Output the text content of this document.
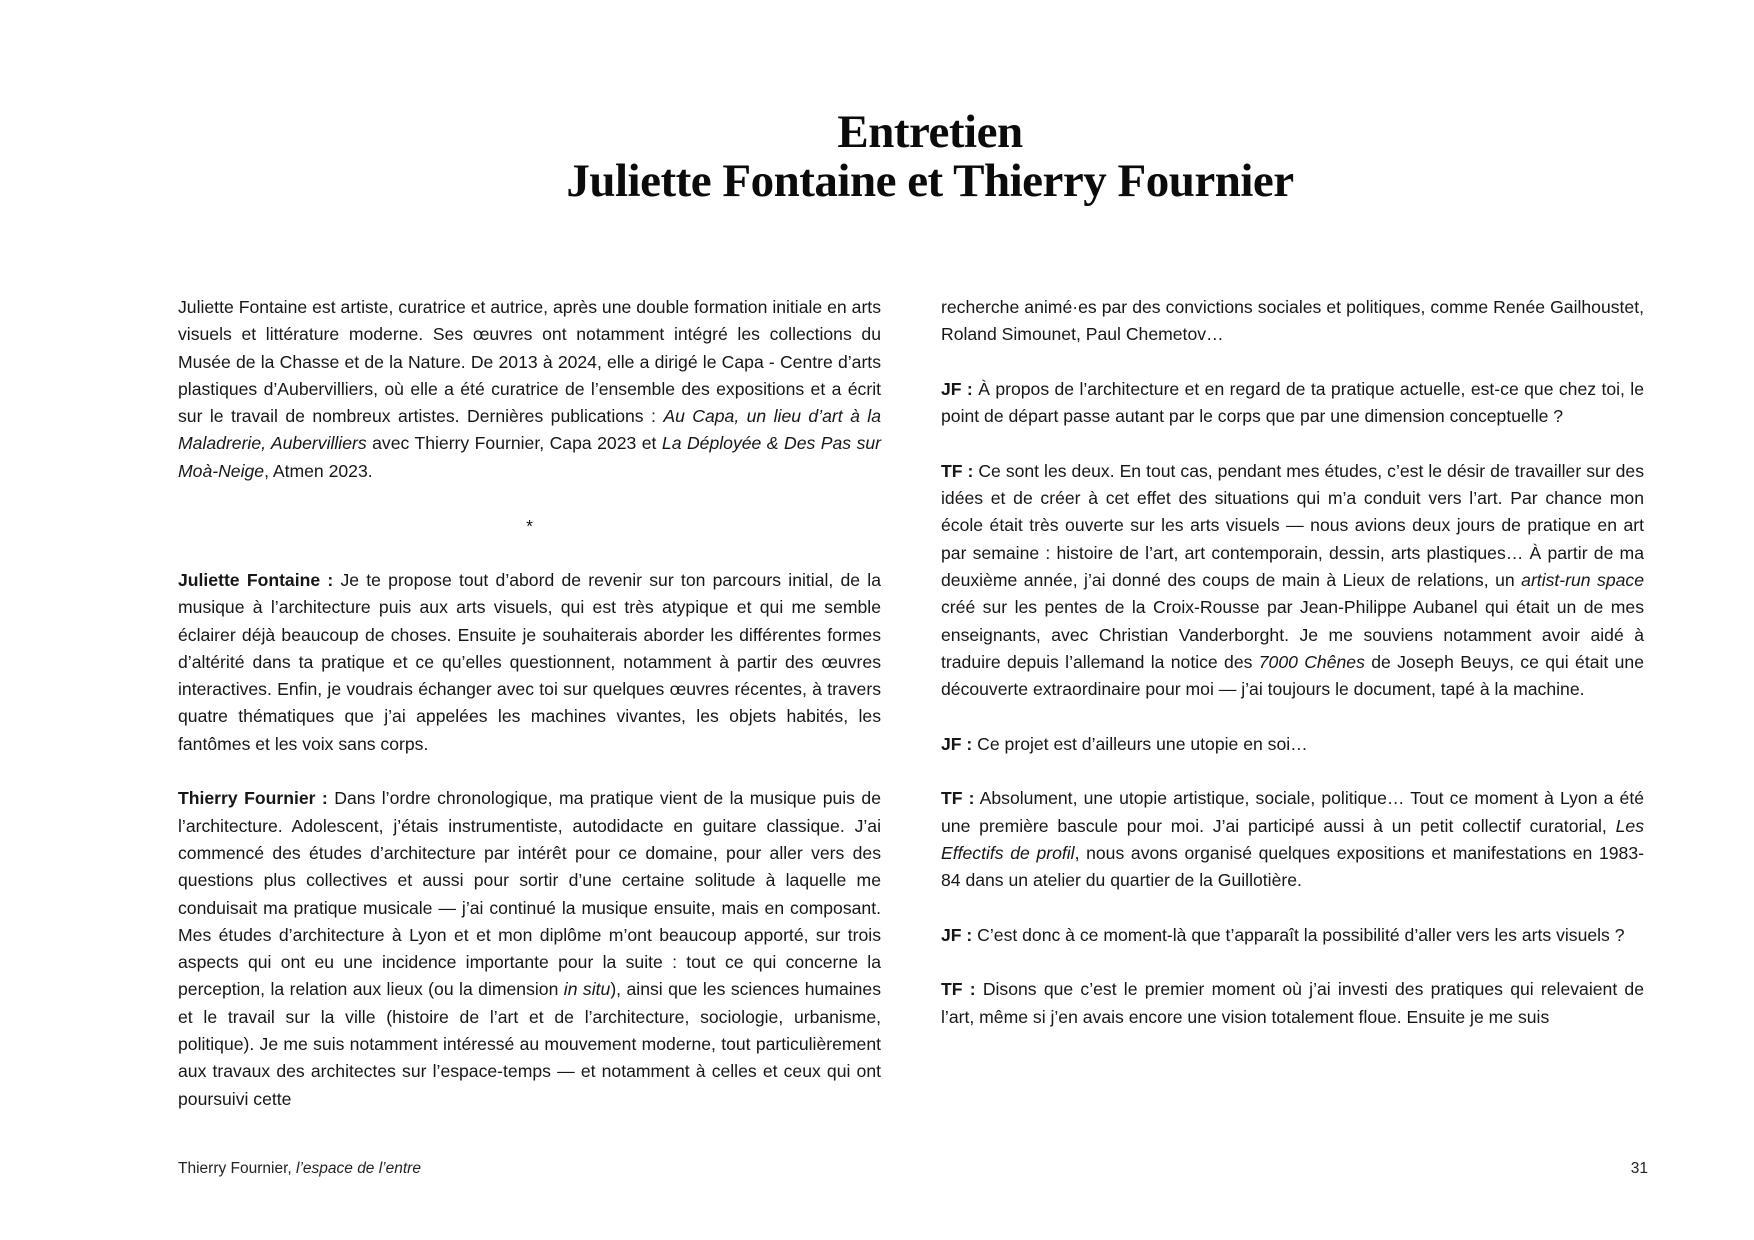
Entretien
Juliette Fontaine et Thierry Fournier

Juliette Fontaine est artiste, curatrice et autrice, après une double formation initiale en arts visuels et littérature moderne. Ses œuvres ont notamment intégré les collections du Musée de la Chasse et de la Nature. De 2013 à 2024, elle a dirigé le Capa - Centre d’arts plastiques d’Aubervilliers, où elle a été curatrice de l’ensemble des expositions et a écrit sur le travail de nombreux artistes. Dernières publications : Au Capa, un lieu d’art à la Maladrerie, Aubervilliers avec Thierry Fournier, Capa 2023 et La Déployée & Des Pas sur Moà-Neige, Atmen 2023.

*

Juliette Fontaine : Je te propose tout d’abord de revenir sur ton parcours initial, de la musique à l’architecture puis aux arts visuels, qui est très atypique et qui me semble éclairer déjà beaucoup de choses. Ensuite je souhaiterais aborder les différentes formes d’altérité dans ta pratique et ce qu’elles questionnent, notamment à partir des œuvres interactives. Enfin, je voudrais échanger avec toi sur quelques œuvres récentes, à travers quatre thématiques que j’ai appelées les machines vivantes, les objets habités, les fantômes et les voix sans corps.

Thierry Fournier : Dans l’ordre chronologique, ma pratique vient de la musique puis de l’architecture. Adolescent, j’étais instrumentiste, autodidacte en guitare classique. J’ai commencé des études d’architecture par intérêt pour ce domaine, pour aller vers des questions plus collectives et aussi pour sortir d’une certaine solitude à laquelle me conduisait ma pratique musicale — j’ai continué la musique ensuite, mais en composant. Mes études d’architecture à Lyon et et mon diplôme m’ont beaucoup apporté, sur trois aspects qui ont eu une incidence importante pour la suite : tout ce qui concerne la perception, la relation aux lieux (ou la dimension in situ), ainsi que les sciences humaines et le travail sur la ville (histoire de l’art et de l’architecture, sociologie, urbanisme, politique). Je me suis notamment intéressé au mouvement moderne, tout particulièrement aux travaux des architectes sur l’espace-temps — et notamment à celles et ceux qui ont poursuivi cette

recherche animé·es par des convictions sociales et politiques, comme Renée Gailhoustet, Roland Simounet, Paul Chemetov…

JF : À propos de l’architecture et en regard de ta pratique actuelle, est-ce que chez toi, le point de départ passe autant par le corps que par une dimension conceptuelle ?

TF : Ce sont les deux. En tout cas, pendant mes études, c’est le désir de travailler sur des idées et de créer à cet effet des situations qui m’a conduit vers l’art. Par chance mon école était très ouverte sur les arts visuels — nous avions deux jours de pratique en art par semaine : histoire de l’art, art contemporain, dessin, arts plastiques… À partir de ma deuxième année, j’ai donné des coups de main à Lieux de relations, un artist-run space créé sur les pentes de la Croix-Rousse par Jean-Philippe Aubanel qui était un de mes enseignants, avec Christian Vanderborght. Je me souviens notamment avoir aidé à traduire depuis l’allemand la notice des 7000 Chênes de Joseph Beuys, ce qui était une découverte extraordinaire pour moi — j’ai toujours le document, tapé à la machine.

JF : Ce projet est d’ailleurs une utopie en soi…

TF : Absolument, une utopie artistique, sociale, politique… Tout ce moment à Lyon a été une première bascule pour moi. J’ai participé aussi à un petit collectif curatorial, Les Effectifs de profil, nous avons organisé quelques expositions et manifestations en 1983-84 dans un atelier du quartier de la Guillotière.

JF : C’est donc à ce moment-là que t’apparaît la possibilité d’aller vers les arts visuels ?

TF : Disons que c’est le premier moment où j’ai investi des pratiques qui relevaient de l’art, même si j’en avais encore une vision totalement floue. Ensuite je me suis

Thierry Fournier, l’espace de l’entre	31
